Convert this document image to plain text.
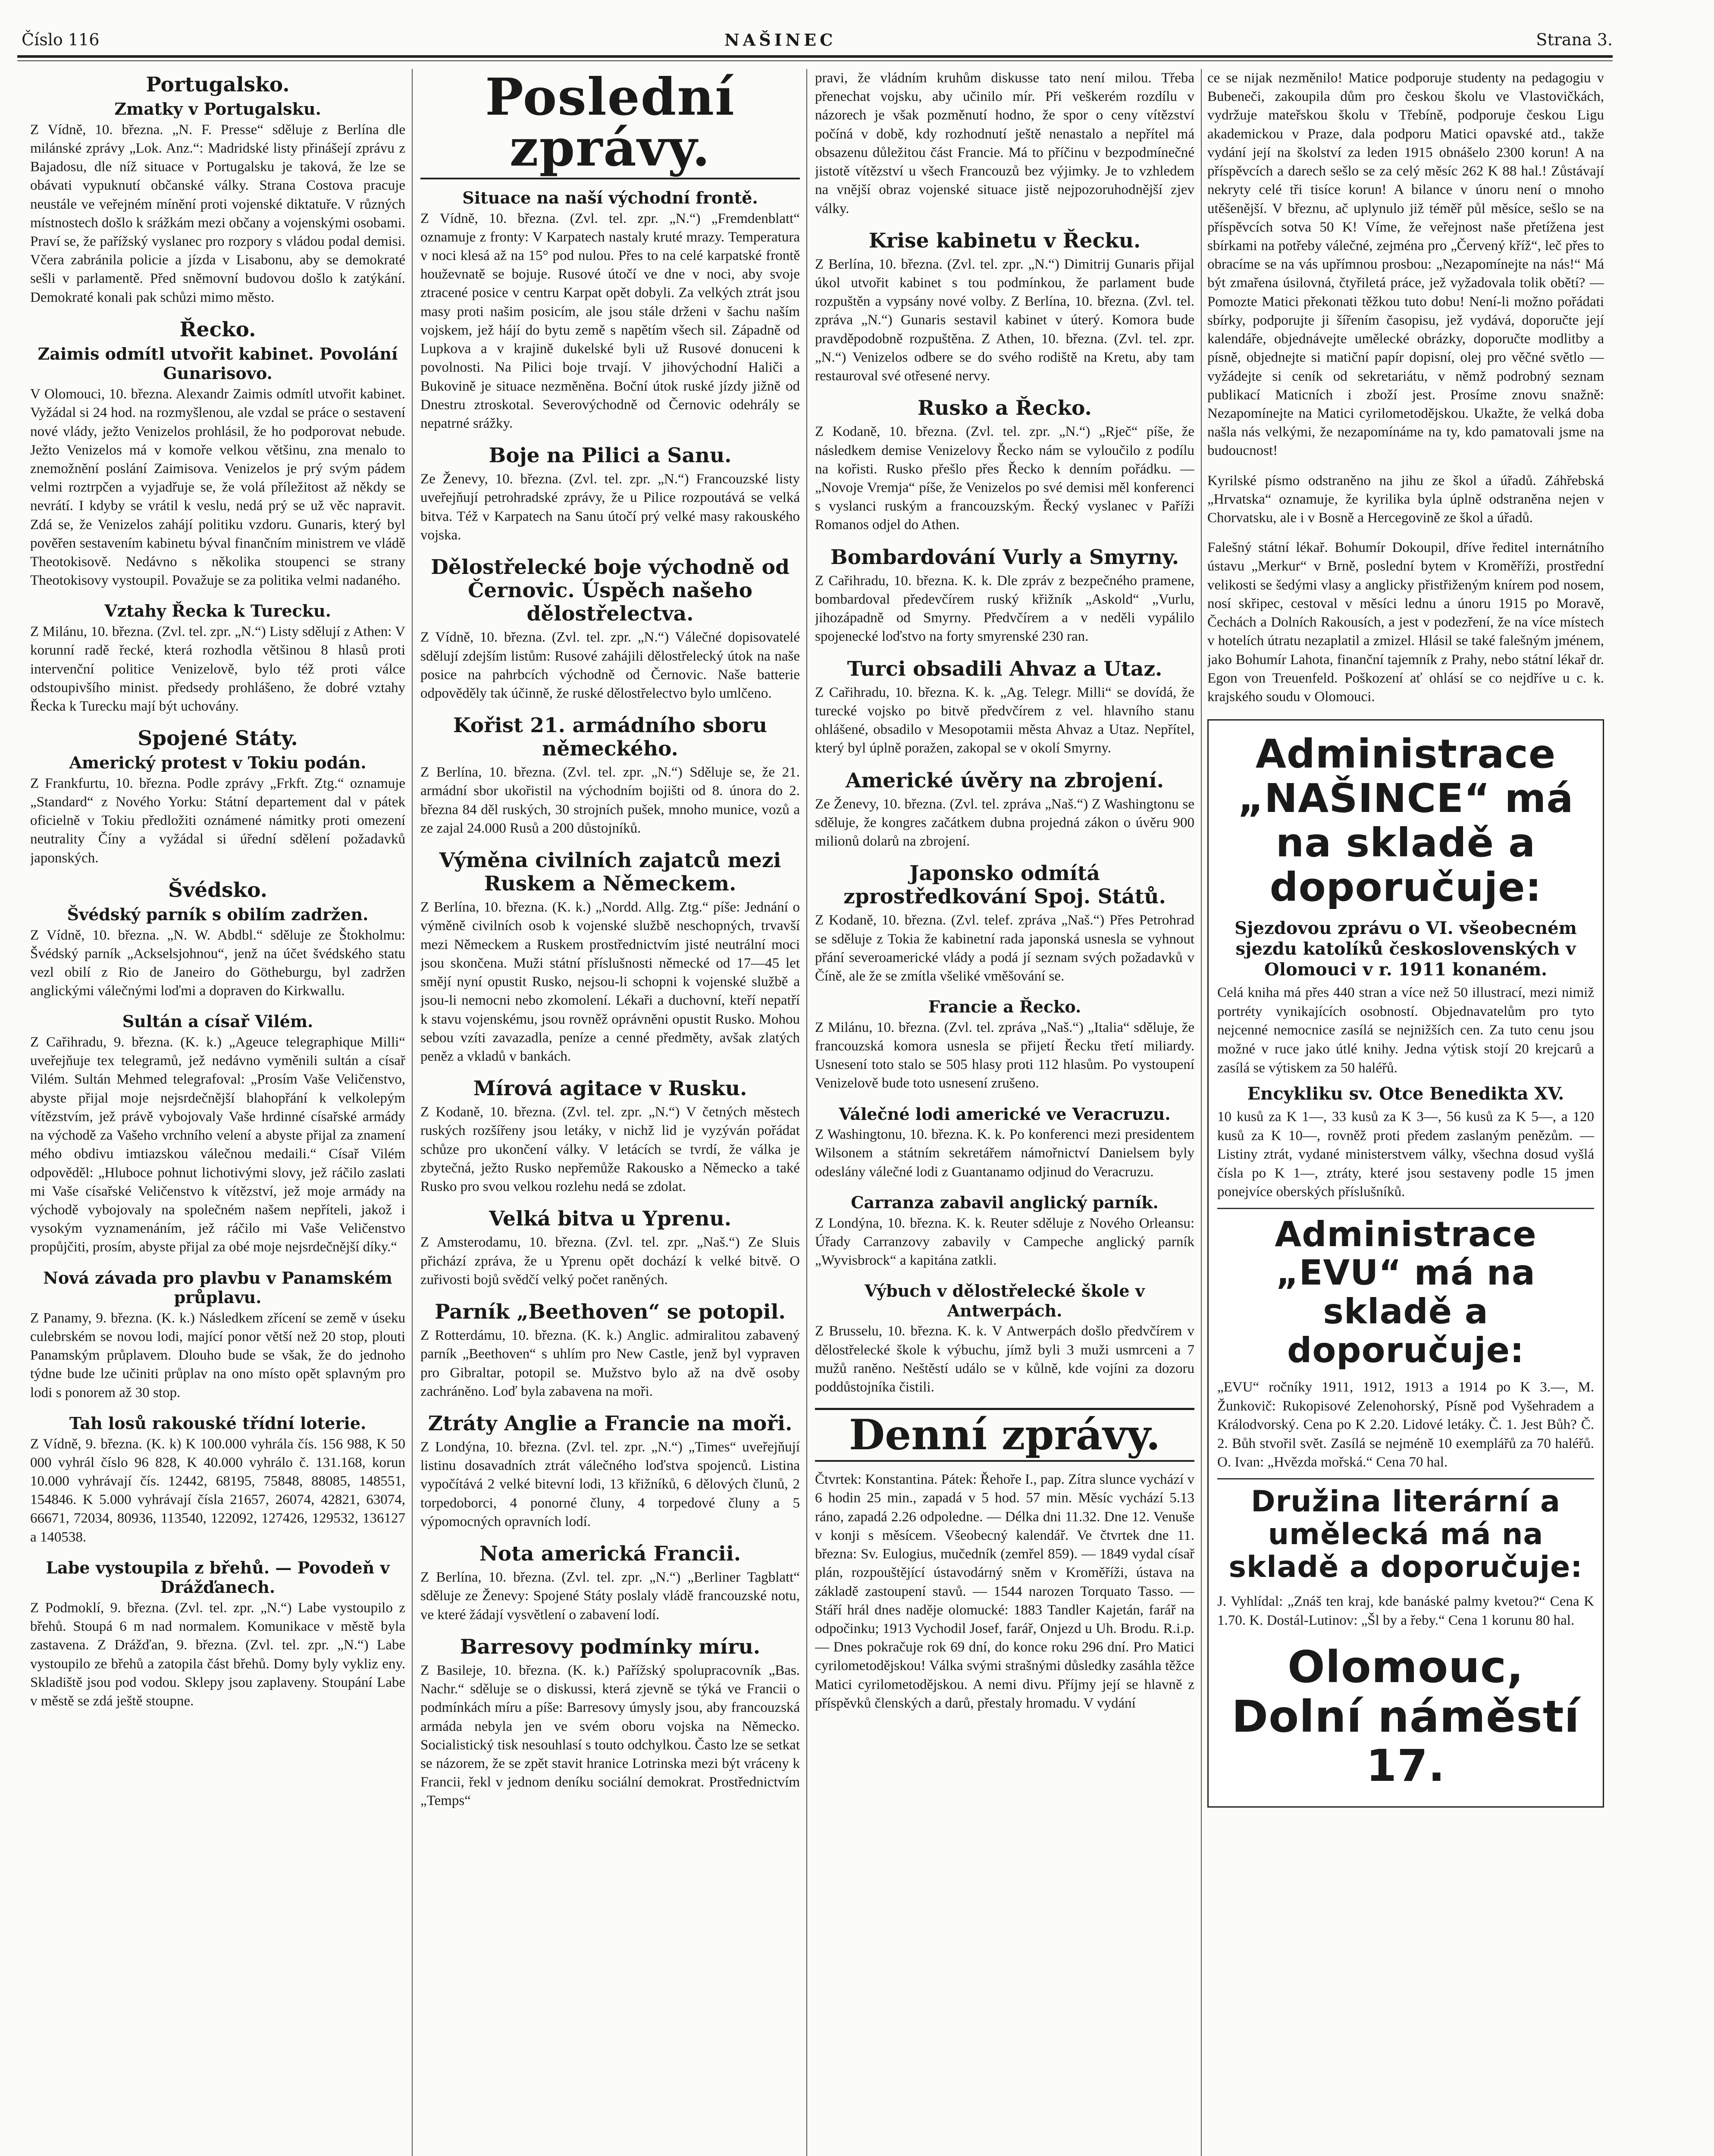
Číslo 116	NAŠINEC	Strana 3.
Portugalsko.
Zmatky v Portugalsku.

Z Vídně, 10. března. „N. F. Presse“ sděluje z Berlína dle milánské zprávy „Lok. Anz.“: Madridské listy přinášejí zprávu z Bajadosu, dle níž situace v Portugalsku je taková, že lze se obávati vypuknutí občanské války. Strana Costova pracuje neustále ve veřejném mínění proti vojenské diktatuře. V různých místnostech došlo k srážkám mezi občany a vojenskými osobami. Praví se, že pařížský vyslanec pro rozpory s vládou podal demisi. Včera zabránila policie a jízda v Lisabonu, aby se demokraté sešli v parlamentě. Před sněmovní budovou došlo k zatýkání. Demokraté konali pak schůzi mimo město.

Řecko.
Zaimis odmítl utvořit kabinet. Povolání Gunarisovo.

V Olomouci, 10. března. Alexandr Zaimis odmítl utvořit kabinet. Vyžádal si 24 hod. na rozmyšlenou, ale vzdal se práce o sestavení nové vlády, ježto Venizelos prohlásil, že ho podporovat nebude. Ježto Venizelos má v komoře velkou většinu, zna menalo to znemožnění poslání Zaimisova. Venizelos je prý svým pádem velmi roztrpčen a vyjadřuje se, že volá příležitost až někdy se nevrátí. I kdyby se vrátil k veslu, nedá prý se už věc napravit. Zdá se, že Venizelos zahájí politiku vzdoru. Gunaris, který byl pověřen sestavením kabinetu býval finančním ministrem ve vládě Theotokisově. Nedávno s několika stoupenci se strany Theotokisovy vystoupil. Považuje se za politika velmi nadaného.

Vztahy Řecka k Turecku.

Z Milánu, 10. března. (Zvl. tel. zpr. „N.“) Listy sdělují z Athen: V korunní radě řecké, která rozhodla většinou 8 hlasů proti intervenční politice Venizelově, bylo též proti válce odstoupivšího minist. předsedy prohlášeno, že dobré vztahy Řecka k Turecku mají být uchovány.

Spojené Státy.
Americký protest v Tokiu podán.

Z Frankfurtu, 10. března. Podle zprávy „Frkft. Ztg.“ oznamuje „Standard“ z Nového Yorku: Státní departement dal v pátek oficielně v Tokiu předložiti oznámené námitky proti omezení neutrality Číny a vyžádal si úřední sdělení požadavků japonských.

Švédsko.
Švédský parník s obilím zadržen.

Z Vídně, 10. března. „N. W. Abdbl.“ sděluje ze Štokholmu: Švédský parník „Ackselsjohnou“, jenž na účet švédského statu vezl obilí z Rio de Janeiro do Götheburgu, byl zadržen anglickými válečnými loďmi a dopraven do Kirkwallu.

Sultán a císař Vilém.

Z Cařihradu, 9. března. (K. k.) „Ageuce telegraphique Milli“ uveřejňuje tex telegramů, jež nedávno vyměnili sultán a císař Vilém. Sultán Mehmed telegrafoval: „Prosím Vaše Veličenstvo, abyste přijal moje nejsrdečnější blahopřání k velkolepým vítězstvím, jež právě vybojovaly Vaše hrdinné císařské armády na východě za Vašeho vrchního velení a abyste přijal za znamení mého obdivu imtiazskou válečnou medaili.“ Císař Vilém odpověděl: „Hluboce pohnut lichotivými slovy, jež ráčilo zaslati mi Vaše císařské Veličenstvo k vítězství, jež moje armády na východě vybojovaly na společném našem nepříteli, jakož i vysokým vyznamenáním, jež ráčilo mi Vaše Veličenstvo propůjčiti, prosím, abyste přijal za obé moje nejsrdečnější díky.“

Nová závada pro plavbu v Panamském průplavu.

Z Panamy, 9. března. (K. k.) Následkem zřícení se země v úseku culebrském se novou lodi, mající ponor větší než 20 stop, plouti Panamským průplavem. Dlouho bude se však, že do jednoho týdne bude lze učiniti průplav na ono místo opět splavným pro lodi s ponorem až 30 stop.

Tah losů rakouské třídní loterie.

Z Vídně, 9. března. (K. k) K 100.000 vyhrála čís. 156 988, K 50 000 vyhrál číslo 96 828, K 40.000 vyhrálo č. 131.168, korun 10.000 vyhrávají čís. 12442, 68195, 75848, 88085, 148551, 154846. K 5.000 vyhrávají čísla 21657, 26074, 42821, 63074, 66671, 72034, 80936, 113540, 122092, 127426, 129532, 136127 a 140538.

Labe vystoupila z břehů. — Povodeň v Drážďanech.

Z Podmoklí, 9. března. (Zvl. tel. zpr. „N.“) Labe vystoupilo z břehů. Stoupá 6 m nad normalem. Komunikace v městě byla zastavena. Z Drážďan, 9. března. (Zvl. tel. zpr. „N.“) Labe vystoupilo ze břehů a zatopila část břehů. Domy byly vykliz eny. Skladiště jsou pod vodou. Sklepy jsou zaplaveny. Stoupání Labe v městě se zdá ještě stoupne.

Poslední zprávy.
Situace na naší východní frontě.

Z Vídně, 10. března. (Zvl. tel. zpr. „N.“) „Fremdenblatt“ oznamuje z fronty: V Karpatech nastaly kruté mrazy. Temperatura v noci klesá až na 15° pod nulou. Přes to na celé karpatské frontě houževnatě se bojuje. Rusové útočí ve dne v noci, aby svoje ztracené posice v centru Karpat opět dobyli. Za velkých ztrát jsou masy proti našim posicím, ale jsou stále drženi v šachu naším vojskem, jež hájí do bytu země s napětím všech sil. Západně od Lupkova a v krajině dukelské byli už Rusové donuceni k povolnosti. Na Pilici boje trvají. V jihovýchodní Haliči a Bukovině je situace nezměněna. Boční útok ruské jízdy jižně od Dnestru ztroskotal. Severovýchodně od Černovic odehrály se nepatrné srážky.

Boje na Pilici a Sanu.

Ze Ženevy, 10. března. (Zvl. tel. zpr. „N.“) Francouzské listy uveřejňují petrohradské zprávy, že u Pilice rozpoutává se velká bitva. Též v Karpatech na Sanu útočí prý velké masy rakouského vojska.

Dělostřelecké boje východně od Černovic. Úspěch našeho dělostřelectva.

Z Vídně, 10. března. (Zvl. tel. zpr. „N.“) Válečné dopisovatelé sdělují zdejším listům: Rusové zahájili dělostřelecký útok na naše posice na pahrbcích východně od Černovic. Naše batterie odpověděly tak účinně, že ruské dělostřelectvo bylo umlčeno.

Kořist 21. armádního sboru německého.

Z Berlína, 10. března. (Zvl. tel. zpr. „N.“) Sděluje se, že 21. armádní sbor ukořistil na východním bojišti od 8. února do 2. března 84 děl ruských, 30 strojních pušek, mnoho munice, vozů a ze zajal 24.000 Rusů a 200 důstojníků.

Výměna civilních zajatců mezi Ruskem a Německem.

Z Berlína, 10. března. (K. k.) „Nordd. Allg. Ztg.“ píše: Jednání o výměně civilních osob k vojenské službě neschopných, trvavší mezi Německem a Ruskem prostřednictvím jisté neutrální moci jsou skončena. Muži státní příslušnosti německé od 17—45 let smějí nyní opustit Rusko, nejsou-li schopni k vojenské službě a jsou-li nemocni nebo zkomolení. Lékaři a duchovní, kteří nepatří k stavu vojenskému, jsou rovněž oprávněni opustit Rusko. Mohou sebou vzíti zavazadla, peníze a cenné předměty, avšak zlatých peněz a vkladů v bankách.

Mírová agitace v Rusku.

Z Kodaně, 10. března. (Zvl. tel. zpr. „N.“) V četných městech ruských rozšířeny jsou letáky, v nichž lid je vyzýván pořádat schůze pro ukončení války. V letácích se tvrdí, že válka je zbytečná, ježto Rusko nepřemůže Rakousko a Německo a také Rusko pro svou velkou rozlehu nedá se zdolat.

Velká bitva u Yprenu.

Z Amsterodamu, 10. března. (Zvl. tel. zpr. „Naš.“) Ze Sluis přichází zpráva, že u Yprenu opět dochází k velké bitvě. O zuřivosti bojů svědčí velký počet raněných.

Parník „Beethoven“ se potopil.

Z Rotterdámu, 10. března. (K. k.) Anglic. admiralitou zabavený parník „Beethoven“ s uhlím pro New Castle, jenž byl vypraven pro Gibraltar, potopil se. Mužstvo bylo až na dvě osoby zachráněno. Loď byla zabavena na moři.

Ztráty Anglie a Francie na moři.

Z Londýna, 10. března. (Zvl. tel. zpr. „N.“) „Times“ uveřejňují listinu dosavadních ztrát válečného loďstva spojenců. Listina vypočítává 2 velké bitevní lodi, 13 křižníků, 6 dělových člunů, 2 torpedoborci, 4 ponorné čluny, 4 torpedové čluny a 5 výpomocných opravních lodí.

Nota americká Francii.

Z Berlína, 10. března. (Zvl. tel. zpr. „N.“) „Berliner Tagblatt“ sděluje ze Ženevy: Spojené Státy poslaly vládě francouzské notu, ve které žádají vysvětlení o zabavení lodí.

Barresovy podmínky míru.

Z Basileje, 10. března. (K. k.) Pařížský spolupracovník „Bas. Nachr.“ sděluje se o diskussi, která zjevně se týká ve Francii o podmínkách míru a píše: Barresovy úmysly jsou, aby francouzská armáda nebyla jen ve svém oboru vojska na Německo. Socialistický tisk nesouhlasí s touto odchylkou. Často lze se setkat se názorem, že se zpět stavit hranice Lotrinska mezi být vráceny k Francii, řekl v jednom deníku sociální demokrat. Prostřednictvím „Temps“

pravi, že vládním kruhům diskusse tato není milou. Třeba přenechat vojsku, aby učinilo mír. Při veškerém rozdílu v názorech je však pozměnutí hodno, že spor o ceny vítězství počíná v době, kdy rozhodnutí ještě nenastalo a nepřítel má obsazenu důležitou část Francie. Má to příčinu v bezpodmínečné jistotě vítězství u všech Francouzů bez výjimky. Je to vzhledem na vnější obraz vojenské situace jistě nejpozoruhodnější zjev války.

Krise kabinetu v Řecku.

Z Berlína, 10. března. (Zvl. tel. zpr. „N.“) Dimitrij Gunaris přijal úkol utvořit kabinet s tou podmínkou, že parlament bude rozpuštěn a vypsány nové volby. Z Berlína, 10. března. (Zvl. tel. zpráva „N.“) Gunaris sestavil kabinet v úterý. Komora bude pravděpodobně rozpuštěna. Z Athen, 10. března. (Zvl. tel. zpr. „N.“) Venizelos odbere se do svého rodiště na Kretu, aby tam restauroval své otřesené nervy.

Rusko a Řecko.

Z Kodaně, 10. března. (Zvl. tel. zpr. „N.“) „Rječ“ píše, že následkem demise Venizelovy Řecko nám se vyloučilo z podílu na kořisti. Rusko přešlo přes Řecko k denním pořádku. — „Novoje Vremja“ píše, že Venizelos po své demisi měl konferenci s vyslanci ruským a francouzským. Řecký vyslanec v Paříži Romanos odjel do Athen.

Bombardování Vurly a Smyrny.

Z Cařihradu, 10. března. K. k. Dle zpráv z bezpečného pramene, bombardoval předevčírem ruský křižník „Askold“ „Vurlu, jihozápadně od Smyrny. Předvčírem a v neděli vypálilo spojenecké loďstvo na forty smyrenské 230 ran.

Turci obsadili Ahvaz a Utaz.

Z Cařihradu, 10. března. K. k. „Ag. Telegr. Milli“ se dovídá, že turecké vojsko po bitvě předvčírem z vel. hlavního stanu ohlášené, obsadilo v Mesopotamii města Ahvaz a Utaz. Nepřítel, který byl úplně poražen, zakopal se v okolí Smyrny.

Americké úvěry na zbrojení.

Ze Ženevy, 10. března. (Zvl. tel. zpráva „Naš.“) Z Washingtonu se sděluje, že kongres začátkem dubna projedná zákon o úvěru 900 milionů dolarů na zbrojení.

Japonsko odmítá zprostředkování Spoj. Států.

Z Kodaně, 10. března. (Zvl. telef. zpráva „Naš.“) Přes Petrohrad se sděluje z Tokia že kabinetní rada japonská usnesla se vyhnout přání severoamerické vlády a podá jí seznam svých požadavků v Číně, ale že se zmítla všeliké vměšování se.

Francie a Řecko.

Z Milánu, 10. března. (Zvl. tel. zpráva „Naš.“) „Italia“ sděluje, že francouzská komora usnesla se přijetí Řecku třetí miliardy. Usnesení toto stalo se 505 hlasy proti 112 hlasům. Po vystoupení Venizelově bude toto usnesení zrušeno.

Válečné lodi americké ve Veracruzu.

Z Washingtonu, 10. března. K. k. Po konferenci mezi presidentem Wilsonem a státním sekretářem námořnictví Danielsem byly odeslány válečné lodi z Guantanamo odjinud do Veracruzu.

Carranza zabavil anglický parník.

Z Londýna, 10. března. K. k. Reuter sděluje z Nového Orleansu: Úřady Carranzovy zabavily v Campeche anglický parník „Wyvisbrock“ a kapitána zatkli.

Výbuch v dělostřelecké škole v Antwerpách.

Z Brusselu, 10. března. K. k. V Antwerpách došlo předvčírem v dělostřelecké škole k výbuchu, jímž byli 3 muži usmrceni a 7 mužů raněno. Neštěstí událo se v kůlně, kde vojíni za dozoru poddůstojníka čistili.

Denní zprávy.

Čtvrtek: Konstantina. Pátek: Řehoře I., pap. Zítra slunce vychází v 6 hodin 25 min., zapadá v 5 hod. 57 min. Měsíc vychází 5.13 ráno, zapadá 2.26 odpoledne. — Délka dni 11.32. Dne 12. Venuše v konji s měsícem. Všeobecný kalendář. Ve čtvrtek dne 11. března: Sv. Eulogius, mučedník (zemřel 859). — 1849 vydal císař plán, rozpouštějící ústavodárný sněm v Kroměříži, ústava na základě zastoupení stavů. — 1544 narozen Torquato Tasso. — Stáří hrál dnes naděje olomucké: 1883 Tandler Kajetán, farář na odpočinku; 1913 Vychodil Josef, farář, Onjezd u Uh. Brodu. R.i.p. — Dnes pokračuje rok 69 dní, do konce roku 296 dní. Pro Matici cyrilometodějskou! Válka svými strašnými důsledky zasáhla těžce Matici cyrilometodějskou. A nemi divu. Příjmy její se hlavně z příspěvků členských a darů, přestaly hromadu. V vydání

ce se nijak nezměnilo! Matice podporuje studenty na pedagogiu v Bubeneči, zakoupila dům pro českou školu ve Vlastovičkách, vydržuje mateřskou školu v Třebíně, podporuje českou Ligu akademickou v Praze, dala podporu Matici opavské atd., takže vydání její na školství za leden 1915 obnášelo 2300 korun! A na příspěvcích a darech sešlo se za celý měsíc 262 K 88 hal.! Zůstávají nekryty celé tři tisíce korun! A bilance v únoru není o mnoho utěšenější. V březnu, ač uplynulo již téměř půl měsíce, sešlo se na příspěvcích sotva 50 K! Víme, že veřejnost naše přetížena jest sbírkami na potřeby válečné, zejména pro „Červený kříž“, leč přes to obracíme se na vás upřímnou prosbou: „Nezapomínejte na nás!“ Má být zmařena úsilovná, čtyřiletá práce, jež vyžadovala tolik obětí? — Pomozte Matici překonati těžkou tuto dobu! Není-li možno pořádati sbírky, podporujte ji šířením časopisu, jež vydává, doporučte její kalendáře, objednávejte umělecké obrázky, doporučte modlitby a písně, objednejte si matiční papír dopisní, olej pro věčné světlo — vyžádejte si ceník od sekretariátu, v němž podrobný seznam publikací Maticních i zboží jest. Prosíme znovu snažně: Nezapomínejte na Matici cyrilometodějskou. Ukažte, že velká doba našla nás velkými, že nezapomínáme na ty, kdo pamatovali jsme na budoucnost!

Kyrilské písmo odstraněno na jihu ze škol a úřadů. Záhřebská „Hrvatska“ oznamuje, že kyrilika byla úplně odstraněna nejen v Chorvatsku, ale i v Bosně a Hercegovině ze škol a úřadů.

Falešný státní lékař. Bohumír Dokoupil, dříve ředitel internátního ústavu „Merkur“ v Brně, poslední bytem v Kroměříži, prostřední velikosti se šedými vlasy a anglicky přistřiženým knírem pod nosem, nosí skřipec, cestoval v měsíci lednu a únoru 1915 po Moravě, Čechách a Dolních Rakousích, a jest v podezření, že na více místech v hotelích útratu nezaplatil a zmizel. Hlásil se také falešným jménem, jako Bohumír Lahota, finanční tajemník z Prahy, nebo státní lékař dr. Egon von Treuenfeld. Poškození ať ohlásí se co nejdříve u c. k. krajského soudu v Olomouci.

Administrace „NAŠINCE“ má na skladě a doporučuje:
Sjezdovou zprávu o VI. všeobecném sjezdu katolíků československých v Olomouci v r. 1911 konaném.

Celá kniha má přes 440 stran a více než 50 illustrací, mezi nimiž portréty vynikajících osobností. Objednavatelům pro tyto nejcenné nemocnice zasílá se nejnižších cen. Za tuto cenu jsou možné v ruce jako útlé knihy. Jedna výtisk stojí 20 krejcarů a zasílá se výtiskem za 50 haléřů.

Encykliku sv. Otce Benedikta XV.

10 kusů za K 1—, 33 kusů za K 3—, 56 kusů za K 5—, a 120 kusů za K 10—, rovněž proti předem zaslaným penězům. — Listiny ztrát, vydané ministerstvem války, všechna dosud vyšlá čísla po K 1—, ztráty, které jsou sestaveny podle 15 jmen ponejvíce oberských příslušníků.

Administrace „EVU“ má na skladě a doporučuje:

„EVU“ ročníky 1911, 1912, 1913 a 1914 po K 3.—, M. Žunkovič: Rukopisové Zelenohorský, Písně pod Vyšehradem a Králodvorský. Cena po K 2.20. Lidové letáky. Č. 1. Jest Bůh? Č. 2. Bůh stvořil svět. Zasílá se nejméně 10 exemplářů za 70 haléřů. O. Ivan: „Hvězda mořská.“ Cena 70 hal.

Družina literární a umělecká má na skladě a doporučuje:

J. Vyhlídal: „Znáš ten kraj, kde banáské palmy kvetou?“ Cena K 1.70. K. Dostál-Lutinov: „Šl by a řeby.“ Cena 1 korunu 80 hal.

Olomouc, Dolní náměstí 17.
